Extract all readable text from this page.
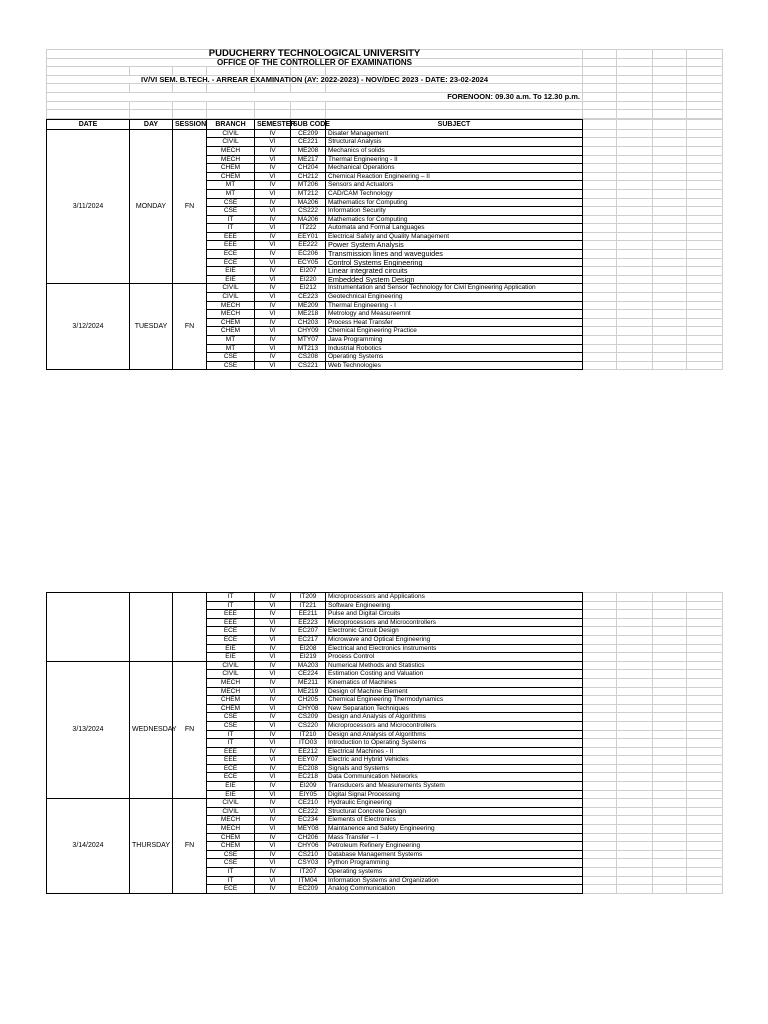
PUDUCHERRY TECHNOLOGICAL UNIVERSITY										
OFFICE OF THE CONTROLLER OF EXAMINATIONS										

IV/VI SEM. B.TECH. - ARREAR EXAMINATION (AY: 2022-2023) - NOV/DEC 2023 - DATE: 23-02-2024										

FORENOON: 09.30 a.m. To 12.30 p.m.										

DATE	DAY	SESSION	BRANCH	SEMESTER	SUB CODE	SUBJECT				
3/11/2024	MONDAY	FN	CIVIL	IV	CE209	Disater Management				
			CIVIL	VI	CE221	Structural Analysis				
			MECH	IV	ME208	Mechanics of solids				
			MECH	VI	ME217	Thermal Engineering - II				
			CHEM	IV	CH204	Mechanical Operations				
			CHEM	VI	CH212	Chemical Reaction Engineering – II				
			MT	IV	MT206	Sensors and Actuators				
			MT	VI	MT212	CAD/CAM Technology				
			CSE	IV	MA206	Mathematics for Computing				
			CSE	VI	CS222	Information Security				
			IT	IV	MA206	Mathematics for Computing				
			IT	VI	IT222	Automata and Formal Languages				
			EEE	IV	EEY01	Electrical Safety and Quality Management				
			EEE	VI	EE222	Power System Analysis				
			ECE	IV	EC206	Transmission lines and waveguides				
			ECE	VI	ECY05	Control Systems Engineering				
			EIE	IV	EI207	Linear integrated circuits				
			EIE	VI	EI220	Embedded System Design				
3/12/2024	TUESDAY	FN	CIVIL	IV	EI212	Instrumentation and Sensor Technology for Civil Engineering Application				
			CIVIL	VI	CE223	Geotechnical Engineering				
			MECH	IV	ME209	Thermal Engineering - I				
			MECH	VI	ME218	Metrology and Measureemnt				
			CHEM	IV	CH203	Process Heat Transfer				
			CHEM	VI	CHY09	Chemical Engineering Practice				
			MT	IV	MTY07	Java Programming				
			MT	VI	MT213	Industrial Robotics				
			CSE	IV	CS208	Operating Systems				
			CSE	VI	CS221	Web Technologies				
			IT	IV	IT209	Microprocessors and Applications				
			IT	VI	IT221	Software Engineering				
			EEE	IV	EE211	Pulse and Digital Circuits				
			EEE	VI	EE223	Microprocessors and Microcontrollers				
			ECE	IV	EC207	Electronic Circuit Design				
			ECE	VI	EC217	Microwave and Optical Engineering				
			EIE	IV	EI208	Electrical and Electronics Instruments				
			EIE	VI	EI219	Process Control				
3/13/2024	WEDNESDAY	FN	CIVIL	IV	MA203	Numerical Methods and Statistics				
			CIVIL	VI	CE224	Estimation Costing and Valuation				
			MECH	IV	ME211	Kinematics of Machines				
			MECH	VI	ME219	Design of Machine Element				
			CHEM	IV	CH205	Chemical Engineering Thermodynamics				
			CHEM	VI	CHY08	New Separation Techniques				
			CSE	IV	CS209	Design and Analysis of Algorithms				
			CSE	VI	CS220	Microprocessors and Microcontrollers				
			IT	IV	IT210	Design and Analysis of Algorithms				
			IT	VI	ITO03	Introduction to Operating Systems				
			EEE	IV	EE212	Electrical Machines - II				
			EEE	VI	EEY07	Electric and Hybrid Vehicles				
			ECE	IV	EC208	Signals and Systems				
			ECE	VI	EC218	Data Communication Networks				
			EIE	IV	EI209	Transducers and Measurements System				
			EIE	VI	EIY05	Digital Signal Processing				
3/14/2024	THURSDAY	FN	CIVIL	IV	CE210	Hydraulic Engineering				
			CIVIL	VI	CE222	Structural Concrete Design				
			MECH	IV	EC234	Elements of Electronics				
			MECH	VI	MEY08	Maintanence and Safety Engineering				
			CHEM	IV	CH206	Mass Transfer – I				
			CHEM	VI	CHY06	Petroleum Refinery Engineering				
			CSE	IV	CS210	Database Management Systems				
			CSE	VI	CSY03	Python Programming				
			IT	IV	IT207	Operating systems				
			IT	VI	ITM04	Information Systems and Organization				
			ECE	IV	EC209	Analog Communication				
